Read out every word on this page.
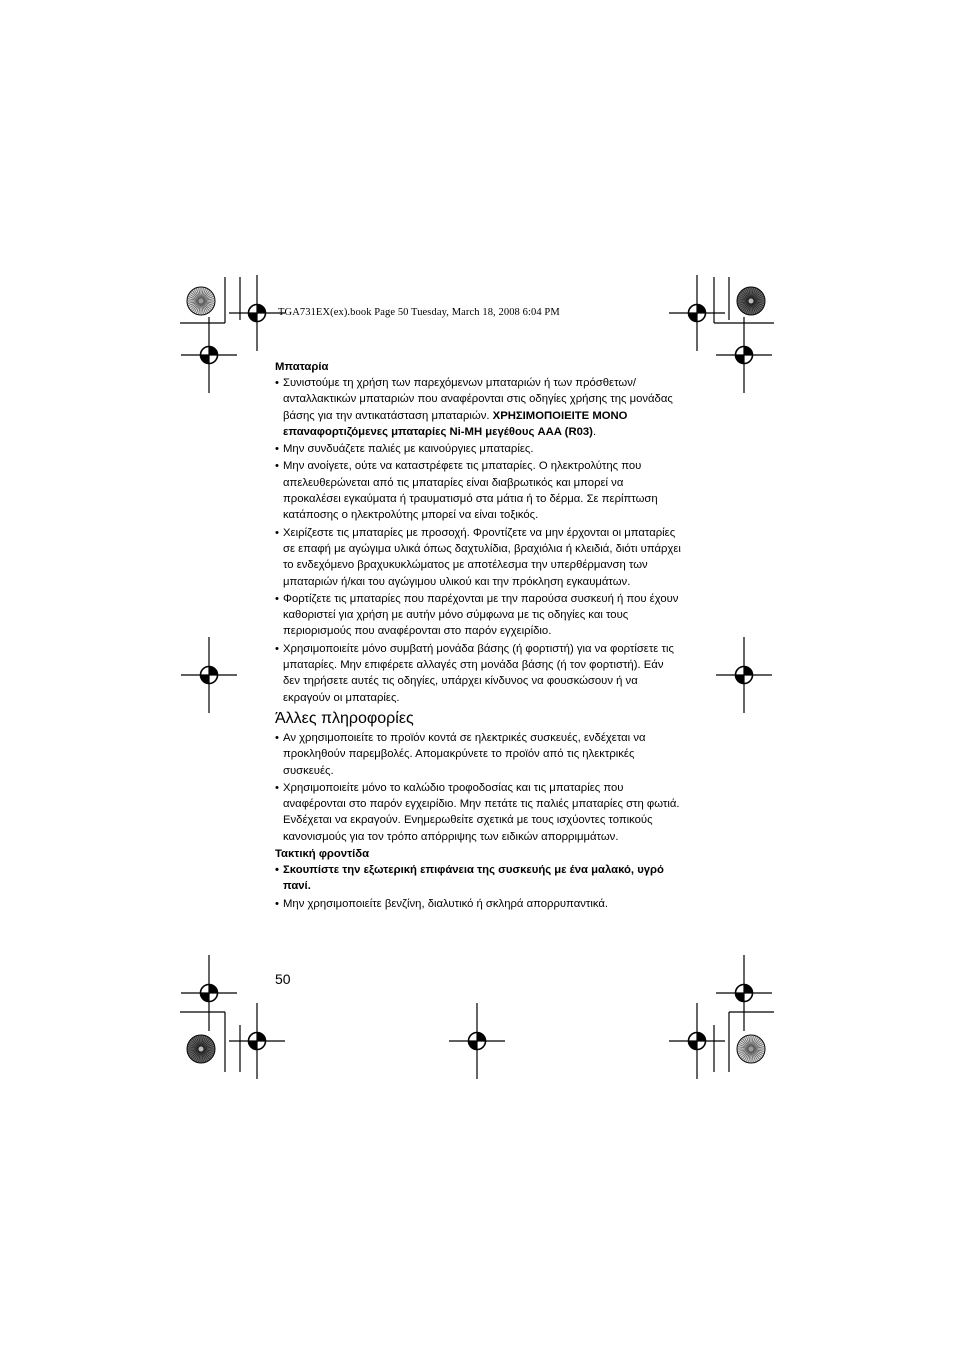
TGA731EX(ex).book Page 50 Tuesday, March 18, 2008 6:04 PM

Μπαταρία

• Συνιστούμε τη χρήση των παρεχόμενων μπαταριών ή των πρόσθετων/ ανταλλακτικών μπαταριών που αναφέρονται στις οδηγίες χρήσης της μονάδας βάσης για την αντικατάσταση μπαταριών. ΧΡΗΣΙΜΟΠΟΙΕΙΤΕ ΜΟΝΟ επαναφορτιζόμενες μπαταρίες Ni-MH μεγέθους AAA (R03).
• Μην συνδυάζετε παλιές με καινούργιες μπαταρίες.
• Μην ανοίγετε, ούτε να καταστρέφετε τις μπαταρίες. Ο ηλεκτρολύτης που απελευθερώνεται από τις μπαταρίες είναι διαβρωτικός και μπορεί να προκαλέσει εγκαύματα ή τραυματισμό στα μάτια ή το δέρμα. Σε περίπτωση κατάποσης ο ηλεκτρολύτης μπορεί να είναι τοξικός.
• Χειρίζεστε τις μπαταρίες με προσοχή. Φροντίζετε να μην έρχονται οι μπαταρίες σε επαφή με αγώγιμα υλικά όπως δαχτυλίδια, βραχιόλια ή κλειδιά, διότι υπάρχει το ενδεχόμενο βραχυκυκλώματος με αποτέλεσμα την υπερθέρμανση των μπαταριών ή/και του αγώγιμου υλικού και την πρόκληση εγκαυμάτων.
• Φορτίζετε τις μπαταρίες που παρέχονται με την παρούσα συσκευή ή που έχουν καθοριστεί για χρήση με αυτήν μόνο σύμφωνα με τις οδηγίες και τους περιορισμούς που αναφέρονται στο παρόν εγχειρίδιο.
• Χρησιμοποιείτε μόνο συμβατή μονάδα βάσης (ή φορτιστή) για να φορτίσετε τις μπαταρίες. Μην επιφέρετε αλλαγές στη μονάδα βάσης (ή τον φορτιστή). Εάν δεν τηρήσετε αυτές τις οδηγίες, υπάρχει κίνδυνος να φουσκώσουν ή να εκραγούν οι μπαταρίες.
Άλλες πληροφορίες
• Αν χρησιμοποιείτε το προϊόν κοντά σε ηλεκτρικές συσκευές, ενδέχεται να προκληθούν παρεμβολές. Απομακρύνετε το προϊόν από τις ηλεκτρικές συσκευές.
• Χρησιμοποιείτε μόνο το καλώδιο τροφοδοσίας και τις μπαταρίες που αναφέρονται στο παρόν εγχειρίδιο. Μην πετάτε τις παλιές μπαταρίες στη φωτιά. Ενδέχεται να εκραγούν. Ενημερωθείτε σχετικά με τους ισχύοντες τοπικούς κανονισμούς για τον τρόπο απόρριψης των ειδικών απορριμμάτων.

Τακτική φροντίδα

• Σκουπίστε την εξωτερική επιφάνεια της συσκευής με ένα μαλακό, υγρό πανί.
• Μην χρησιμοποιείτε βενζίνη, διαλυτικό ή σκληρά απορρυπαντικά.
50
